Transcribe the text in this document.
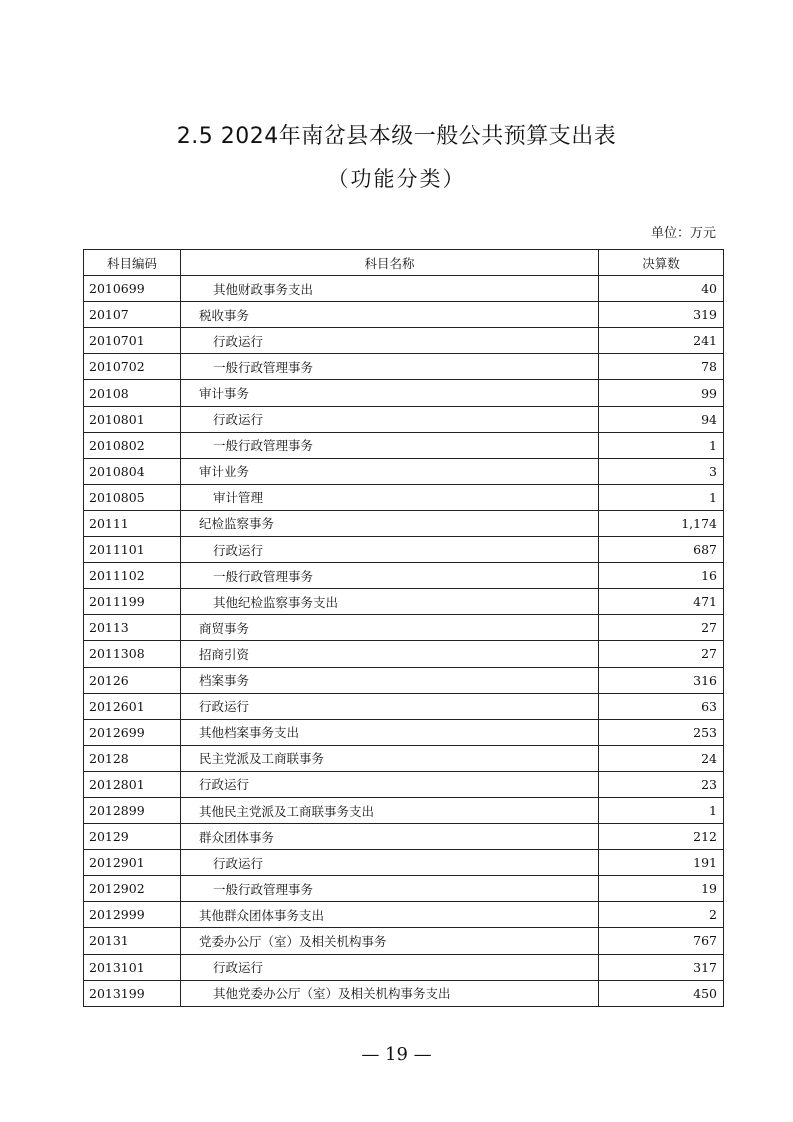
2.5 2024年南岔县本级一般公共预算支出表
（功能分类）
单位：万元
科目编码	科目名称	决算数
2010699	其他财政事务支出	40
20107	税收事务	319
2010701	行政运行	241
2010702	一般行政管理事务	78
20108	审计事务	99
2010801	行政运行	94
2010802	一般行政管理事务	1
2010804	审计业务	3
2010805	审计管理	1
20111	纪检监察事务	1,174
2011101	行政运行	687
2011102	一般行政管理事务	16
2011199	其他纪检监察事务支出	471
20113	商贸事务	27
2011308	招商引资	27
20126	档案事务	316
2012601	行政运行	63
2012699	其他档案事务支出	253
20128	民主党派及工商联事务	24
2012801	行政运行	23
2012899	其他民主党派及工商联事务支出	1
20129	群众团体事务	212
2012901	行政运行	191
2012902	一般行政管理事务	19
2012999	其他群众团体事务支出	2
20131	党委办公厅（室）及相关机构事务	767
2013101	行政运行	317
2013199	其他党委办公厅（室）及相关机构事务支出	450
— 19 —
